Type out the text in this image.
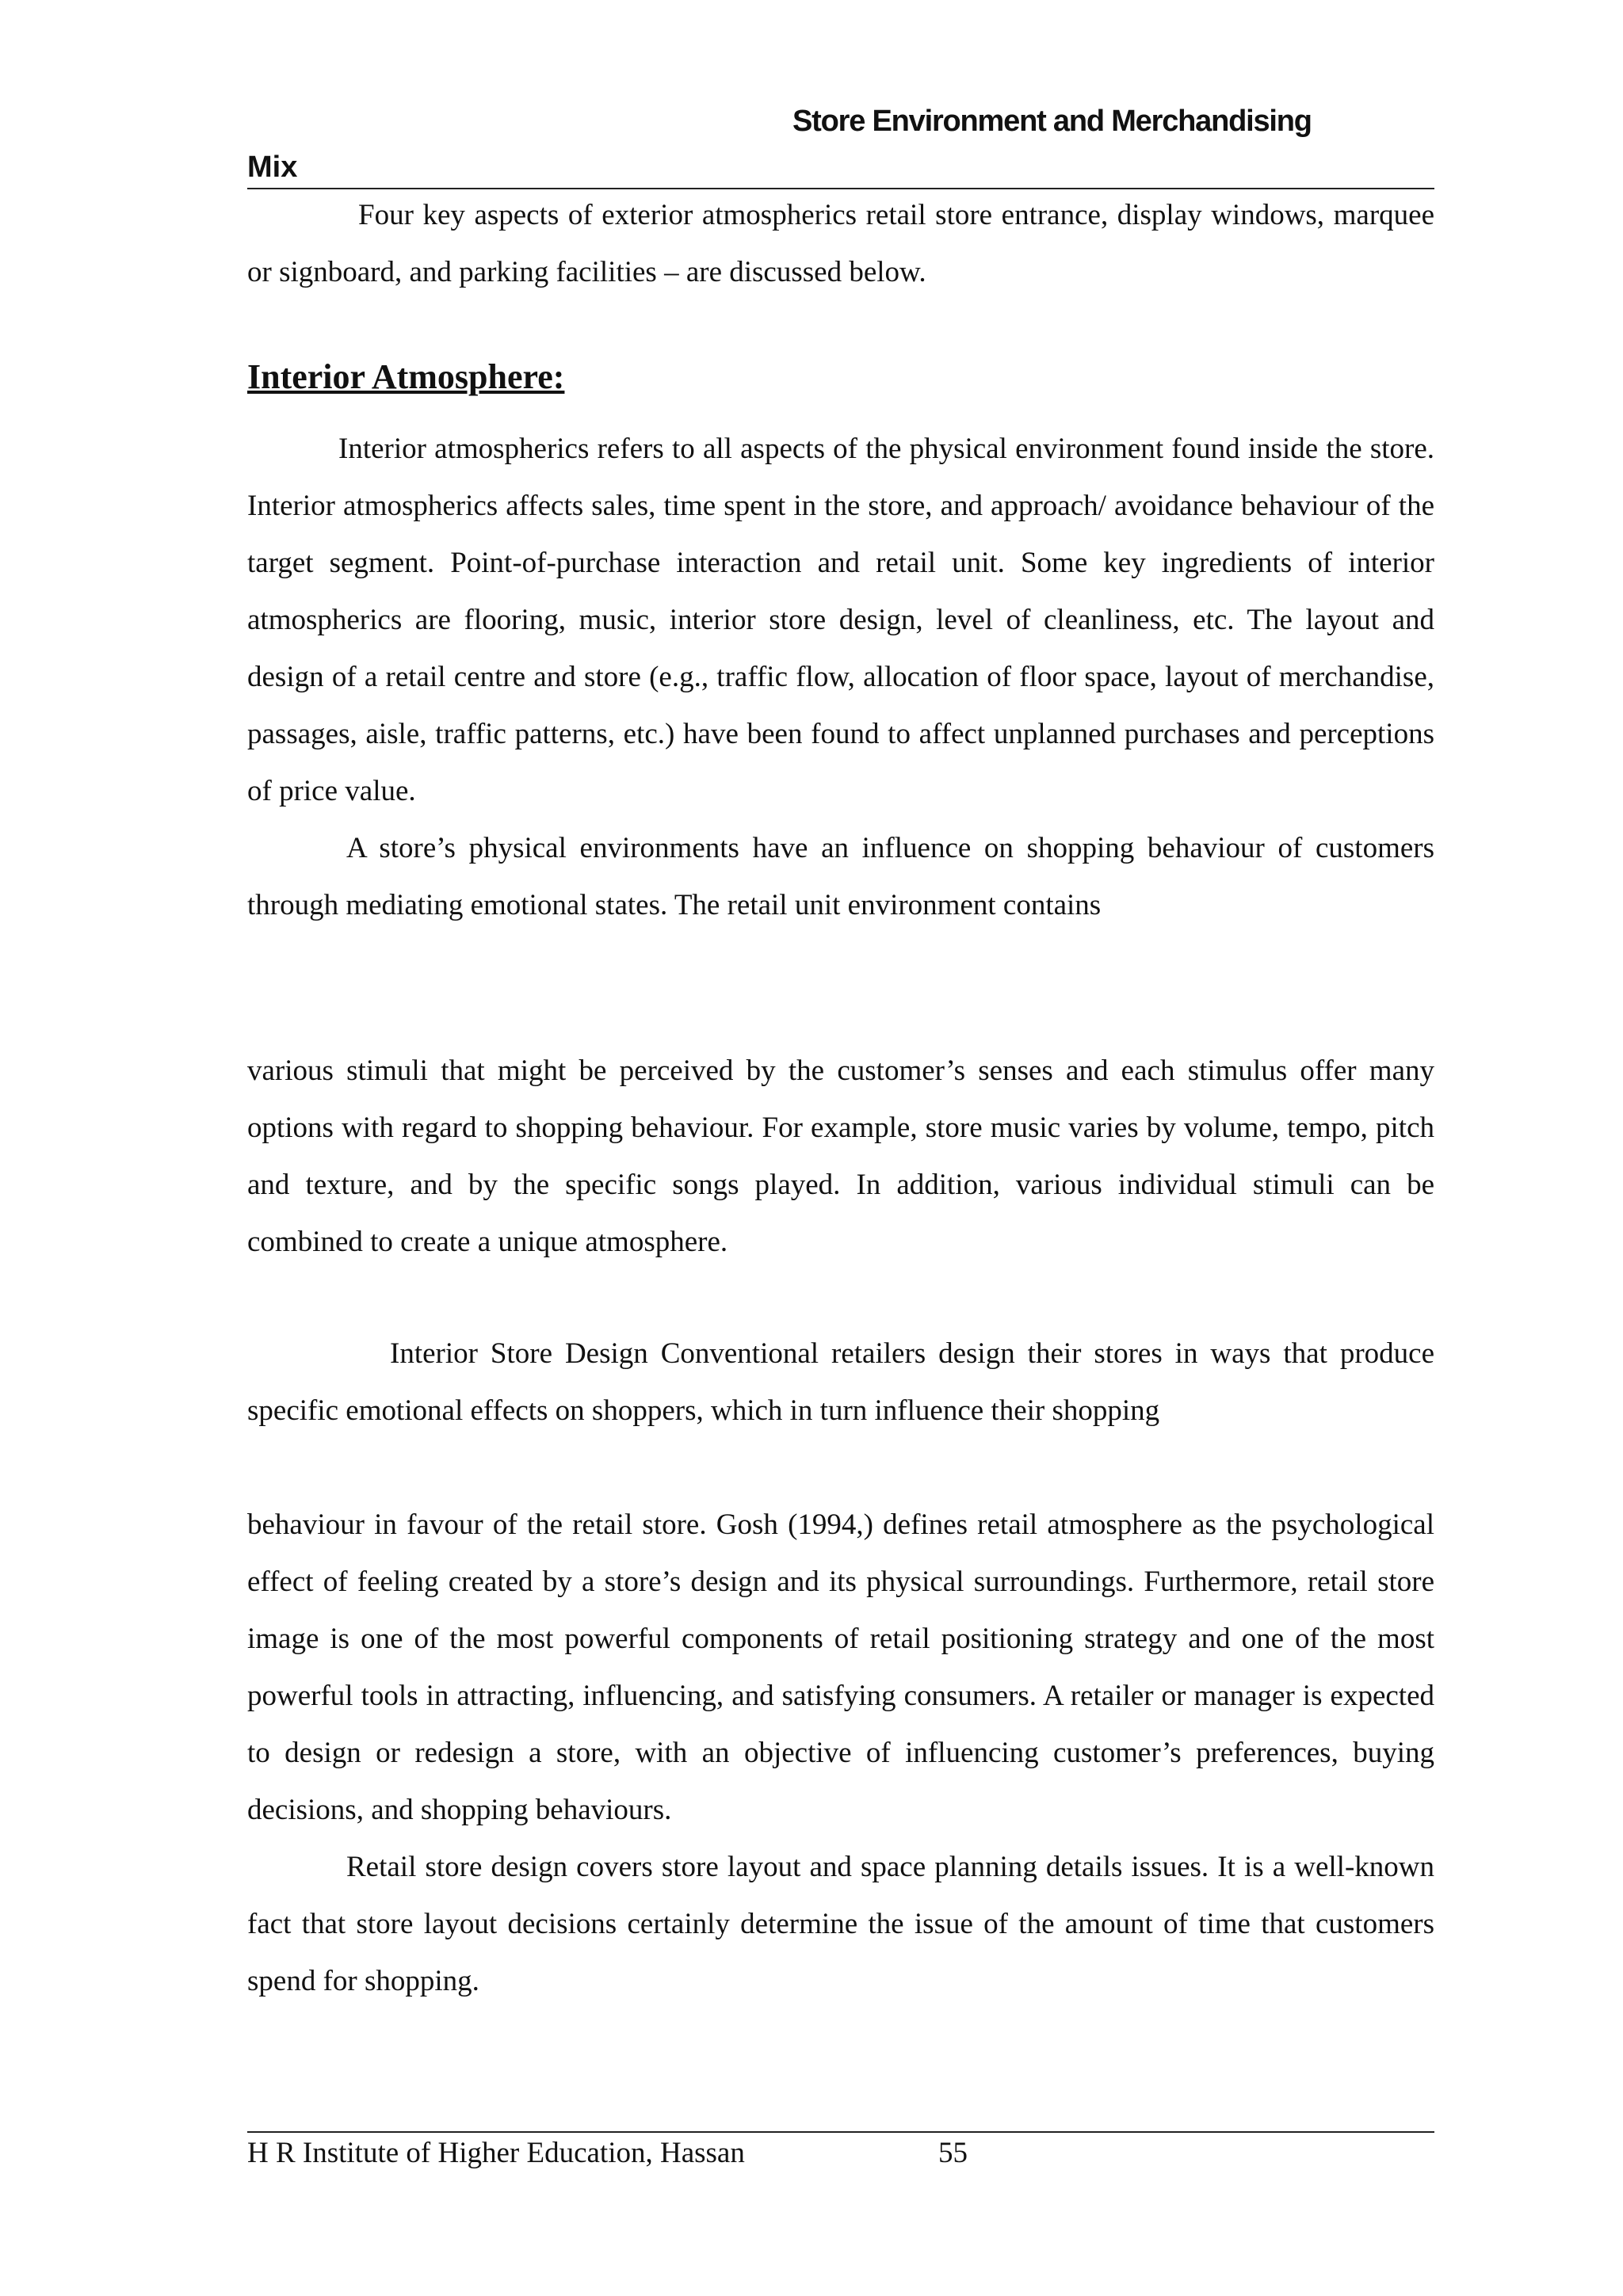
Store Environment and Merchandising
Mix

Four key aspects of exterior atmospherics retail store entrance, display windows, marquee or signboard, and parking facilities – are discussed below.

Interior Atmosphere:

Interior atmospherics refers to all aspects of the physical environment found inside the store. Interior atmospherics affects sales, time spent in the store, and approach/ avoidance behaviour of the target segment. Point-of-purchase interaction and retail unit. Some key ingredients of interior atmospherics are flooring, music, interior store design, level of cleanliness, etc. The layout and design of a retail centre and store (e.g., traffic flow, allocation of floor space, layout of merchandise, passages, aisle, traffic patterns, etc.) have been found to affect unplanned purchases and perceptions of price value.

A store’s physical environments have an influence on shopping behaviour of customers through mediating emotional states. The retail unit environment contains

various stimuli that might be perceived by the customer’s senses and each stimulus offer many options with regard to shopping behaviour. For example, store music varies by volume, tempo, pitch and texture, and by the specific songs played. In addition, various individual stimuli can be combined to create a unique atmosphere.

Interior Store Design Conventional retailers design their stores in ways that produce specific emotional effects on shoppers, which in turn influence their shopping

behaviour in favour of the retail store. Gosh (1994,) defines retail atmosphere as the psychological effect of feeling created by a store’s design and its physical surroundings. Furthermore, retail store image is one of the most powerful components of retail positioning strategy and one of the most powerful tools in attracting, influencing, and satisfying consumers. A retailer or manager is expected to design or redesign a store, with an objective of influencing customer’s preferences, buying decisions, and shopping behaviours.

Retail store design covers store layout and space planning details issues. It is a well-known fact that store layout decisions certainly determine the issue of the amount of time that customers spend for shopping.

H R Institute of Higher Education, Hassan	55
